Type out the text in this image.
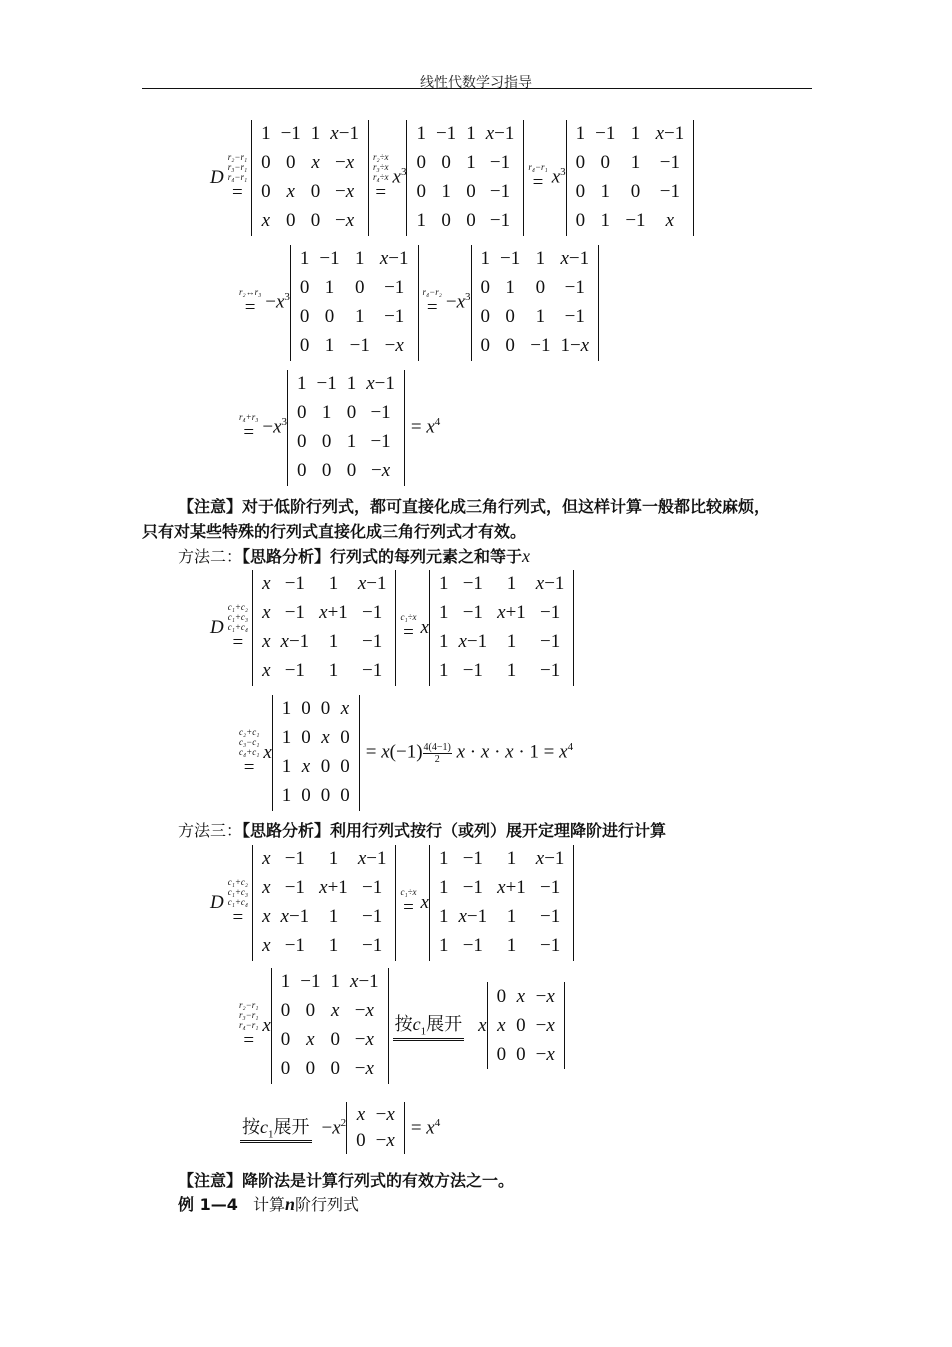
线性代数学习指导
D
r₂−r₁
r₃−r₁
r₄−r₁
=
1 −1 1 x−1
0 0 x −x
0 x 0 −x
x 0 0 −x
r₂÷x
r₃÷x
r₄÷x
=
$x^3$
1 −1 1 x−1
0 0 1 −1
0 1 0 −1
1 0 0 −1
r₄−r₁
= $x^3$
1 −1 1 x−1
0 0	1	−1
0 1	0	−1
0 1 −1	x
r₂↔r₃
= $-x^3$
1 −1 1 x−1
0 1	0	−1
0 0	1	−1
0 1 −1 −x
r₄−r₂
= $-x^3$
1 −1 1 x−1
0 1	0	−1
0 0	1	−1
0 0 −1 1−x
r₄+r₃
= $-x^3$
1 −1 1 x−1
0 1 0 −1
0 0 1 −1
0 0 0 −x
= $x^4$
【注意】对于低阶行列式，都可直接化成三角行列式，但这样计算一般都比较麻烦，
只有对某些特殊的行列式直接化成三角行列式才有效。
方法二：【思路分析】行列式的每列元素之和等于x
D
c₁+c₂
c₁+c₃
c₁+c₄
=
x −1	1	x−1
x −1 x+1 −1
x x−1	1	−1
x −1	1	−1
c₁÷x
= x
1 −1	1	x−1
1 −1 x+1 −1
1 x−1	1	−1
1 −1	1	−1
c₂+c₁
c₃−c₁
c₄+c₁
=
x
1 0 0 x
1 0 x 0
1 x 0 0
1 0 0 0
= $x(-1) \frac{4(4-1)}{2}$ $x \cdot x \cdot x \cdot 1 = x^4$
方法三：【思路分析】利用行列式按行（或列）展开定理降阶进行计算
D
c₁+c₂
c₁+c₃
c₁+c₄
=
x −1	1	x−1
x −1 x+1 −1
x x−1	1	−1
x −1	1	−1
c₁÷x
= x
1 −1	1	x−1
1 −1 x+1 −1
1 x−1	1	−1
1 −1	1	−1
r₂−r₁
r₃−r₁
r₄−r₁
=
x
1 −1 1 x−1
0 0 x −x
0 x 0 −x
0 0 0 −x
按$c_1$展开 x
0 x −x
x 0 −x
0 0 −x
按$c_1$展开 $-x^2$ x −x
0 −x
= $x^4$
【注意】降阶法是计算行列式的有效方法之一。
例 1—4 计算n阶行列式
